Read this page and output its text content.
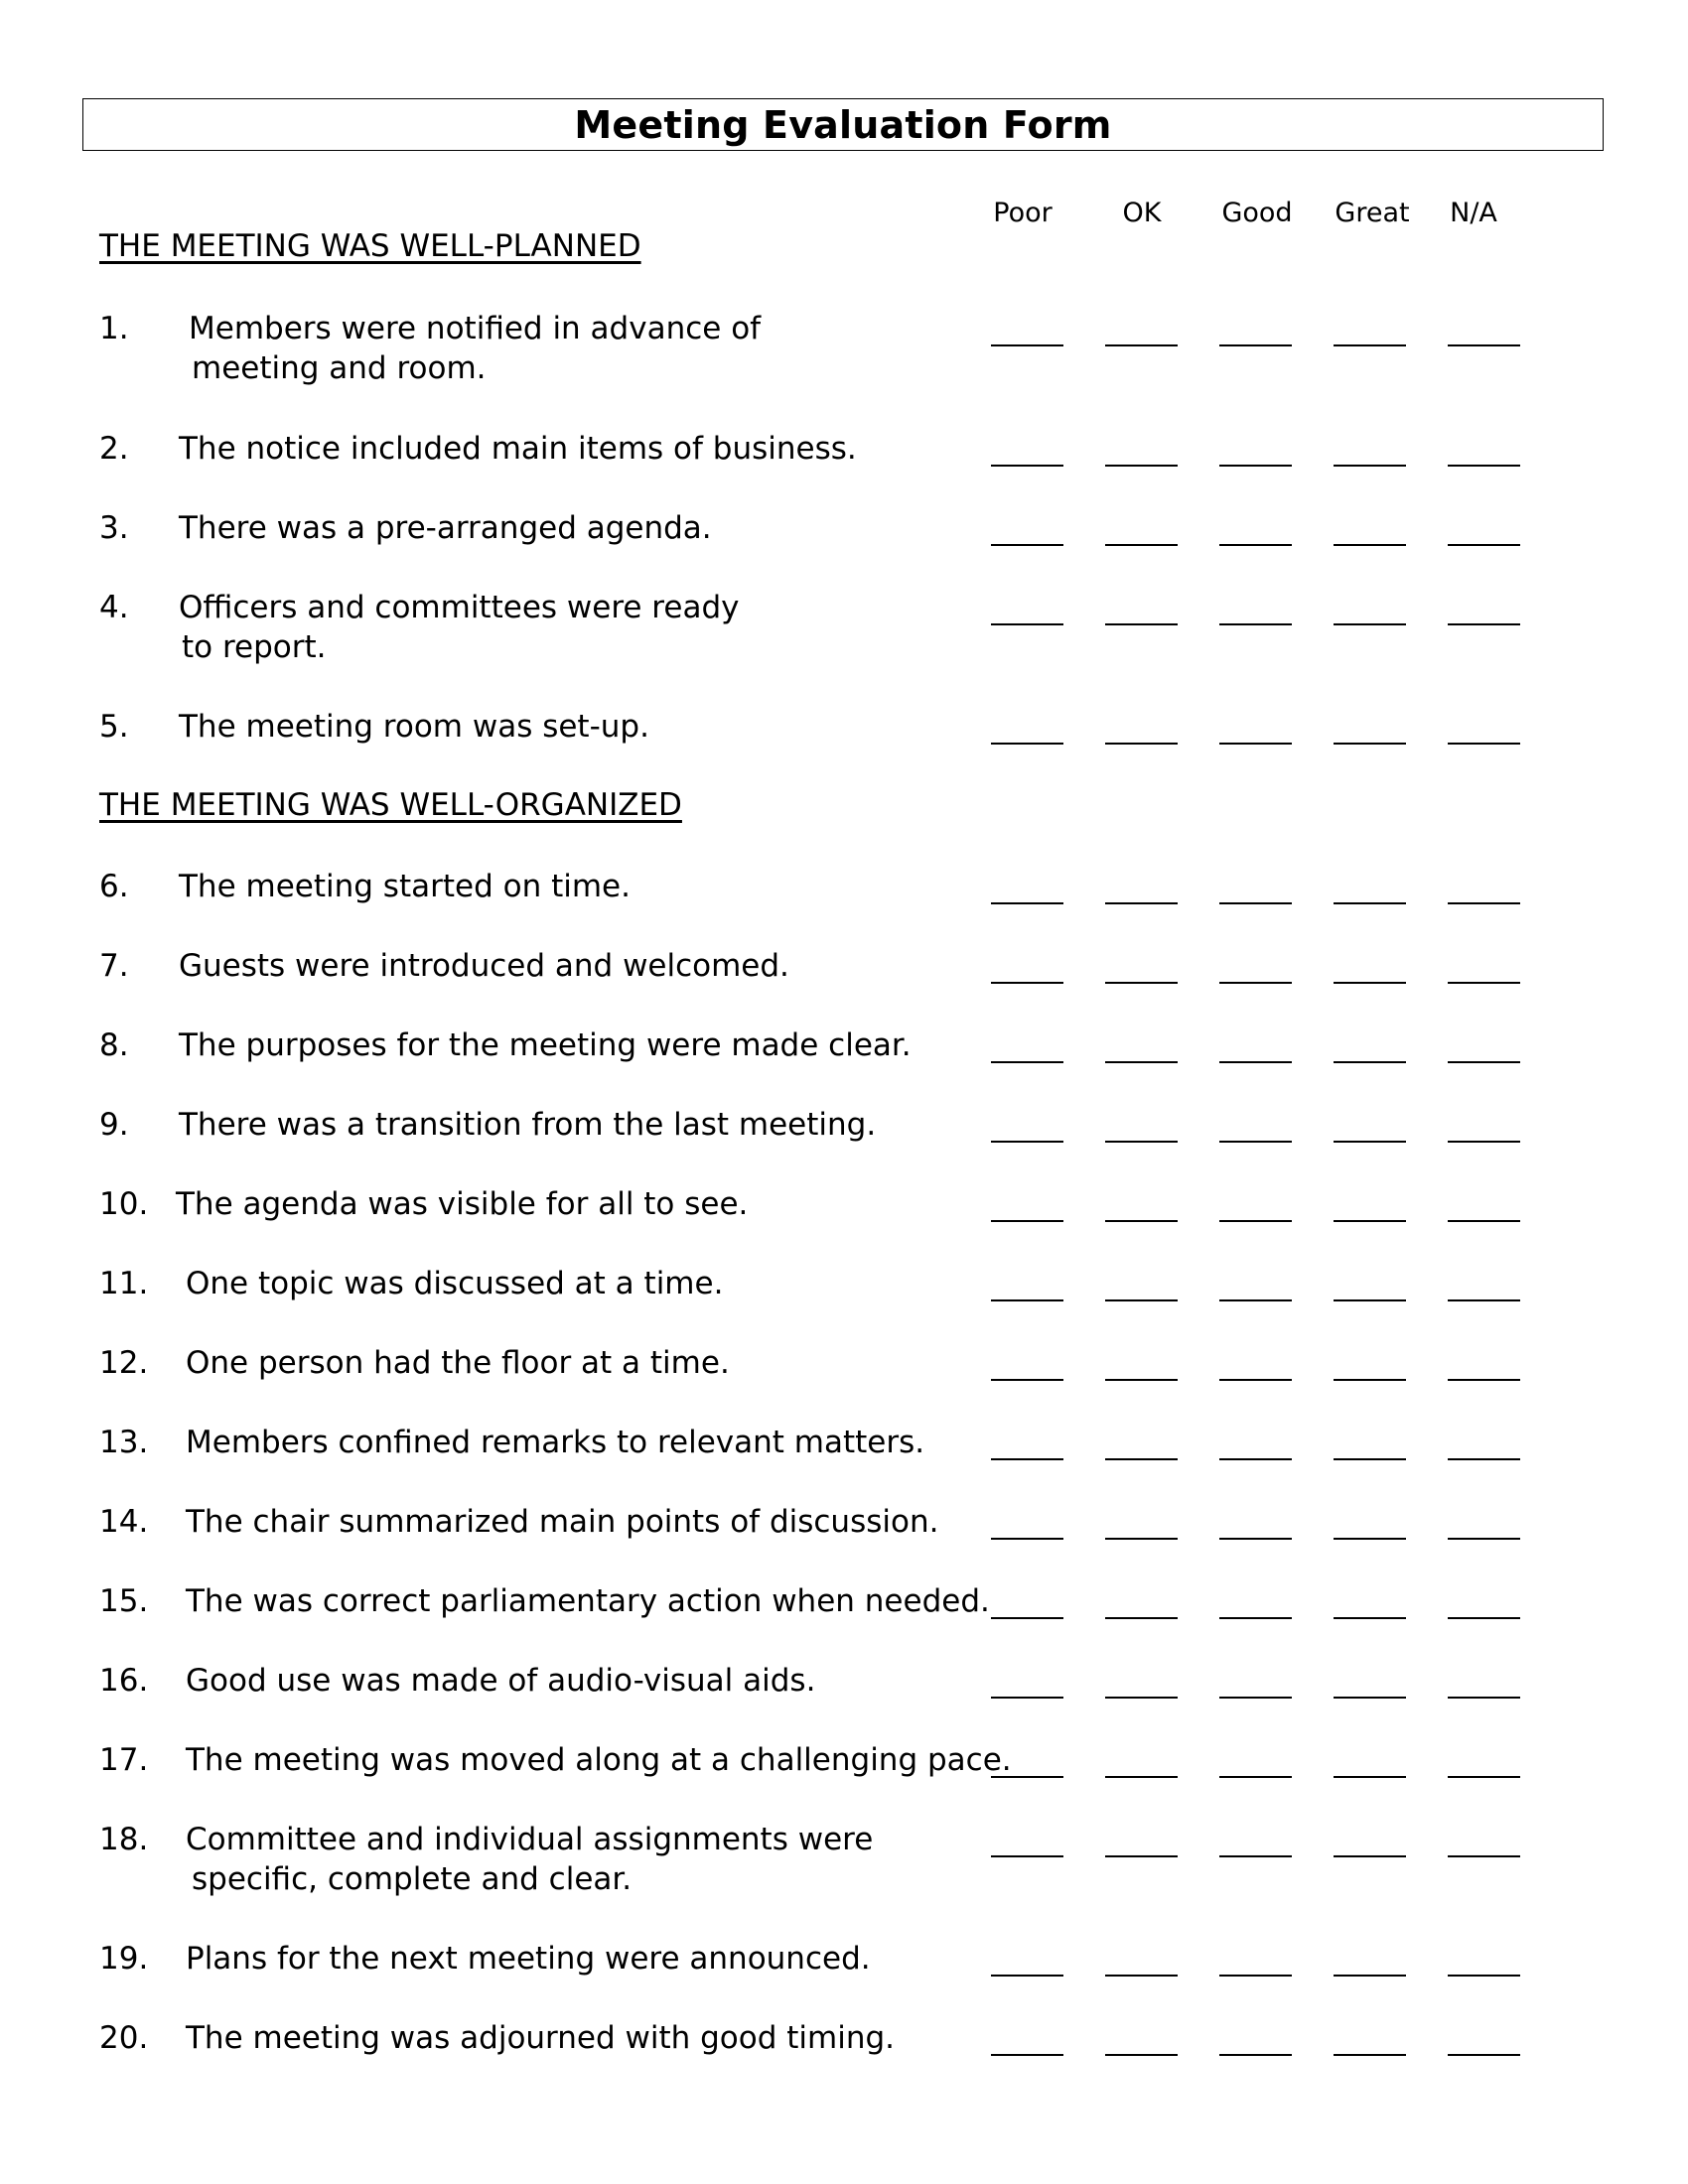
Meeting Evaluation Form
Poor	OK Good Great N/A
THE MEETING WAS WELL-PLANNED
1. Members were notified in advance of
meeting and room.
2. The notice included main items of business.
3. There was a pre-arranged agenda.
4. Officers and committees were ready
to report.
5. The meeting room was set-up.
THE MEETING WAS WELL-ORGANIZED
6. The meeting started on time.
7. Guests were introduced and welcomed.
8. The purposes for the meeting were made clear.
9. There was a transition from the last meeting.
10. The agenda was visible for all to see.
11. One topic was discussed at a time.
12. One person had the floor at a time.
13. Members confined remarks to relevant matters.
14. The chair summarized main points of discussion.
15. The was correct parliamentary action when needed.
16. Good use was made of audio-visual aids.
17. The meeting was moved along at a challenging pace.
18. Committee and individual assignments were
specific, complete and clear.
19. Plans for the next meeting were announced.
20. The meeting was adjourned with good timing.
